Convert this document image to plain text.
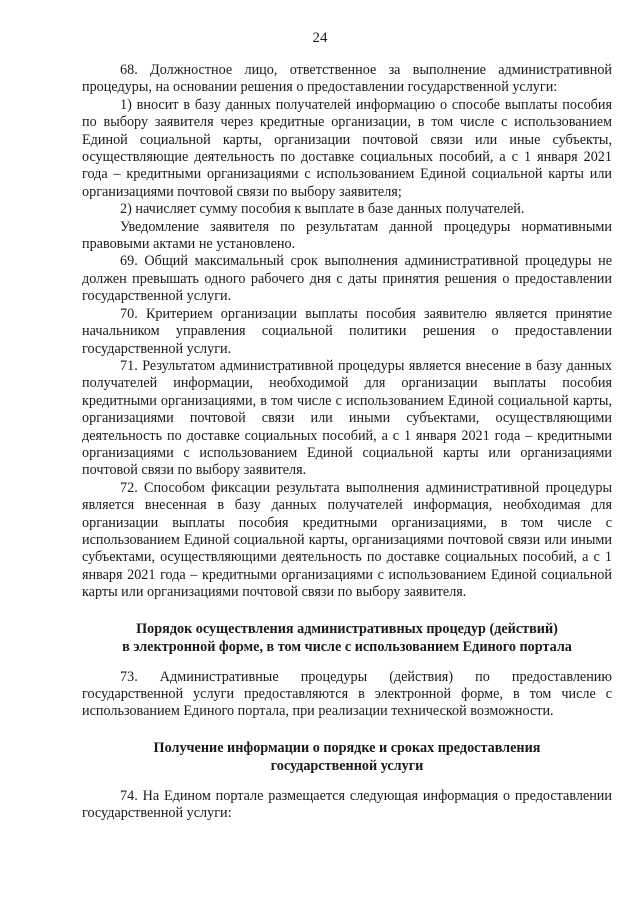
24

68. Должностное лицо, ответственное за выполнение административной процедуры, на основании решения о предоставлении государственной услуги:

1) вносит в базу данных получателей информацию о способе выплаты пособия по выбору заявителя через кредитные организации, в том числе с использованием Единой социальной карты, организации почтовой связи или иные субъекты, осуществляющие деятельность по доставке социальных пособий, а с 1 января 2021 года – кредитными организациями с использованием Единой социальной карты или организациями почтовой связи по выбору заявителя;

2) начисляет сумму пособия к выплате в базе данных получателей.

Уведомление заявителя по результатам данной процедуры нормативными правовыми актами не установлено.

69. Общий максимальный срок выполнения административной процедуры не должен превышать одного рабочего дня с даты принятия решения о предоставлении государственной услуги.

70. Критерием организации выплаты пособия заявителю является принятие начальником управления социальной политики решения о предоставлении государственной услуги.

71. Результатом административной процедуры является внесение в базу данных получателей информации, необходимой для организации выплаты пособия кредитными организациями, в том числе с использованием Единой социальной карты, организациями почтовой связи или иными субъектами, осуществляющими деятельность по доставке социальных пособий, а с 1 января 2021 года – кредитными организациями с использованием Единой социальной карты или организациями почтовой связи по выбору заявителя.

72. Способом фиксации результата выполнения административной процедуры является внесенная в базу данных получателей информация, необходимая для организации выплаты пособия кредитными организациями, в том числе с использованием Единой социальной карты, организациями почтовой связи или иными субъектами, осуществляющими деятельность по доставке социальных пособий, а с 1 января 2021 года – кредитными организациями с использованием Единой социальной карты или организациями почтовой связи по выбору заявителя.

Порядок осуществления административных процедур (действий)
в электронной форме, в том числе с использованием Единого портала

73. Административные процедуры (действия) по предоставлению государственной услуги предоставляются в электронной форме, в том числе с использованием Единого портала, при реализации технической возможности.

Получение информации о порядке и сроках предоставления
государственной услуги

74. На Едином портале размещается следующая информация о предоставлении государственной услуги:
